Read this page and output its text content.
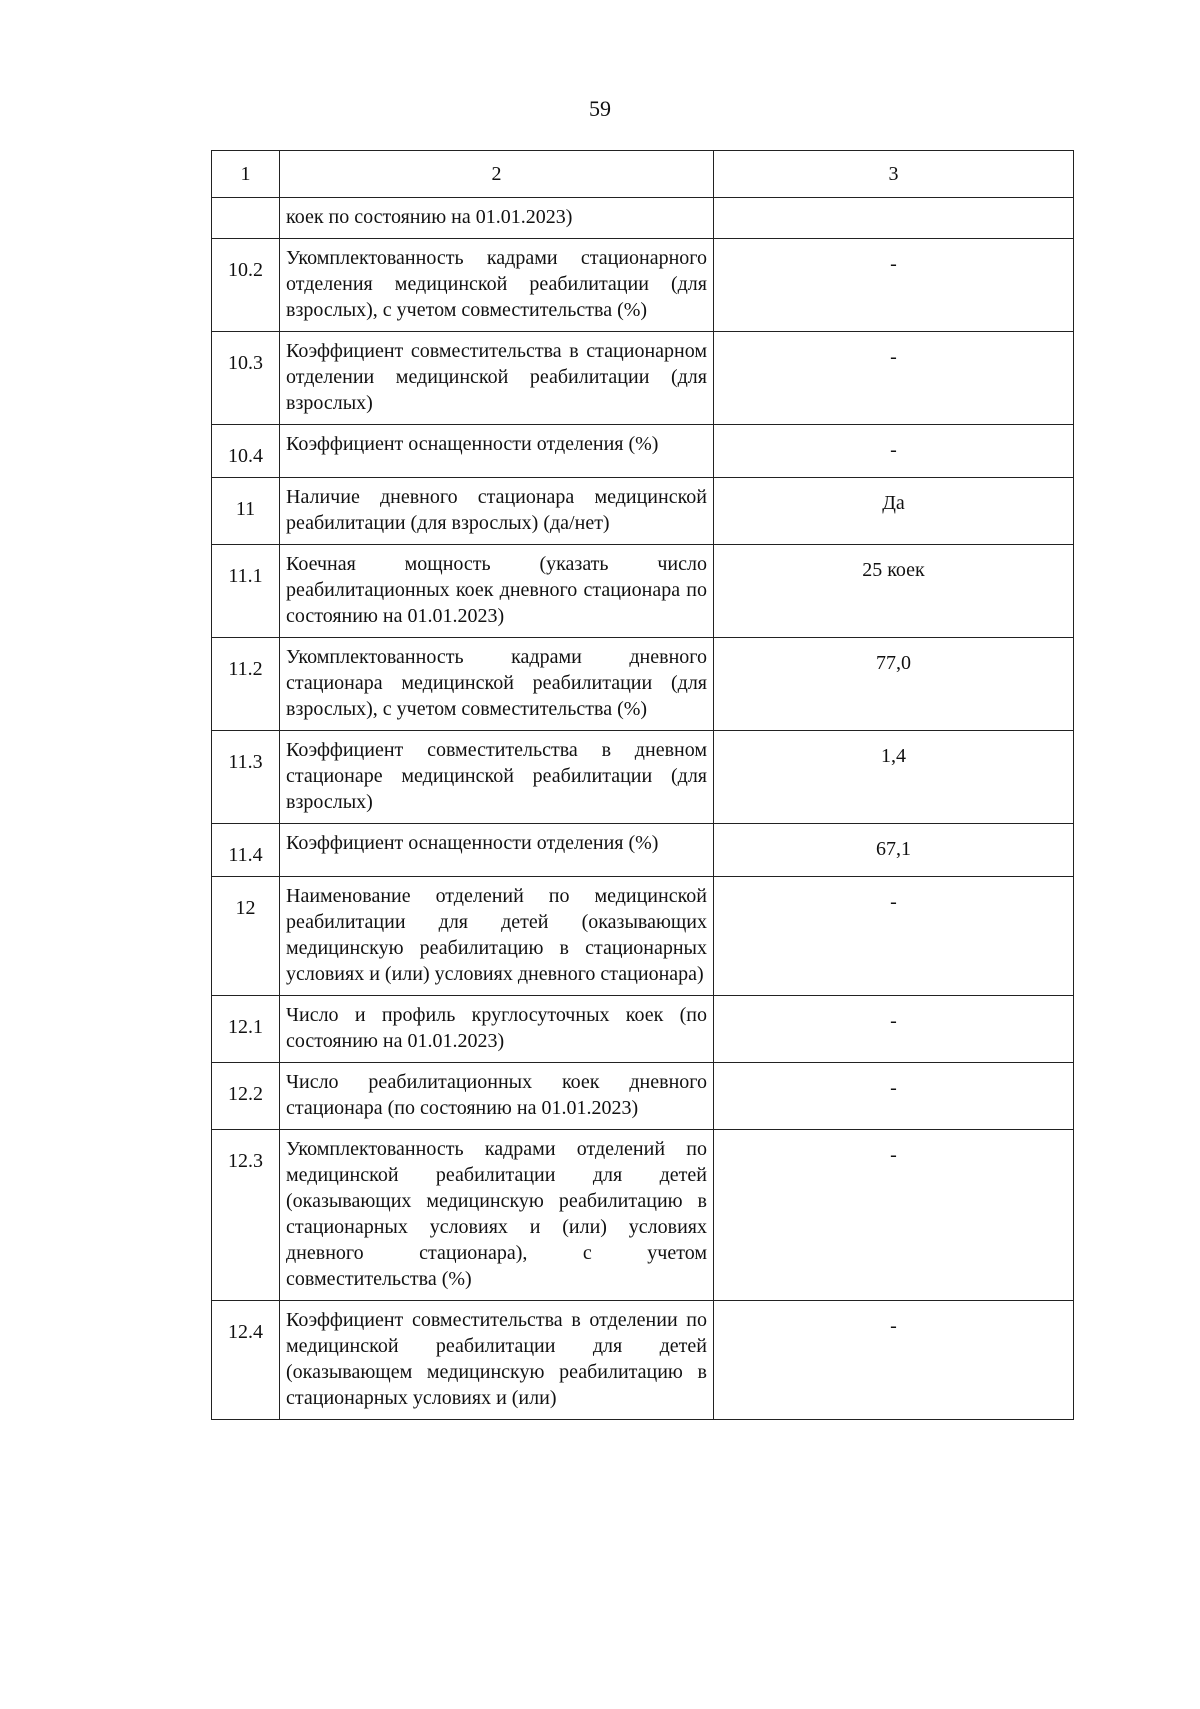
59
1	2	3
	коек по состоянию на 01.01.2023)	
10.2	Укомплектованность кадрами стационарного отделения медицинской реабилитации (для взрослых), с учетом совместительства (%)	-
10.3	Коэффициент совместительства в стационарном отделении медицинской реабилитации (для взрослых)	-
10.4	Коэффициент оснащенности отделения (%)	-
11	Наличие дневного стационара медицинской реабилитации (для взрослых) (да/нет)	Да
11.1	Коечная мощность (указать число реабилитационных коек дневного стационара по состоянию на 01.01.2023)	25 коек
11.2	Укомплектованность кадрами дневного стационара медицинской реабилитации (для взрослых), с учетом совместительства (%)	77,0
11.3	Коэффициент совместительства в дневном стационаре медицинской реабилитации (для взрослых)	1,4
11.4	Коэффициент оснащенности отделения (%)	67,1
12	Наименование отделений по медицинской реабилитации для детей (оказывающих медицинскую реабилитацию в стационарных условиях и (или) условиях дневного стационара)	-
12.1	Число и профиль круглосуточных коек (по состоянию на 01.01.2023)	-
12.2	Число реабилитационных коек дневного стационара (по состоянию на 01.01.2023)	-
12.3	Укомплектованность кадрами отделений по медицинской реабилитации для детей (оказывающих медицинскую реабилитацию в стационарных условиях и (или) условиях дневного стационара), с учетом совместительства (%)	-
12.4	Коэффициент совместительства в отделении по медицинской реабилитации для детей (оказывающем медицинскую реабилитацию в стационарных условиях и (или)	-
